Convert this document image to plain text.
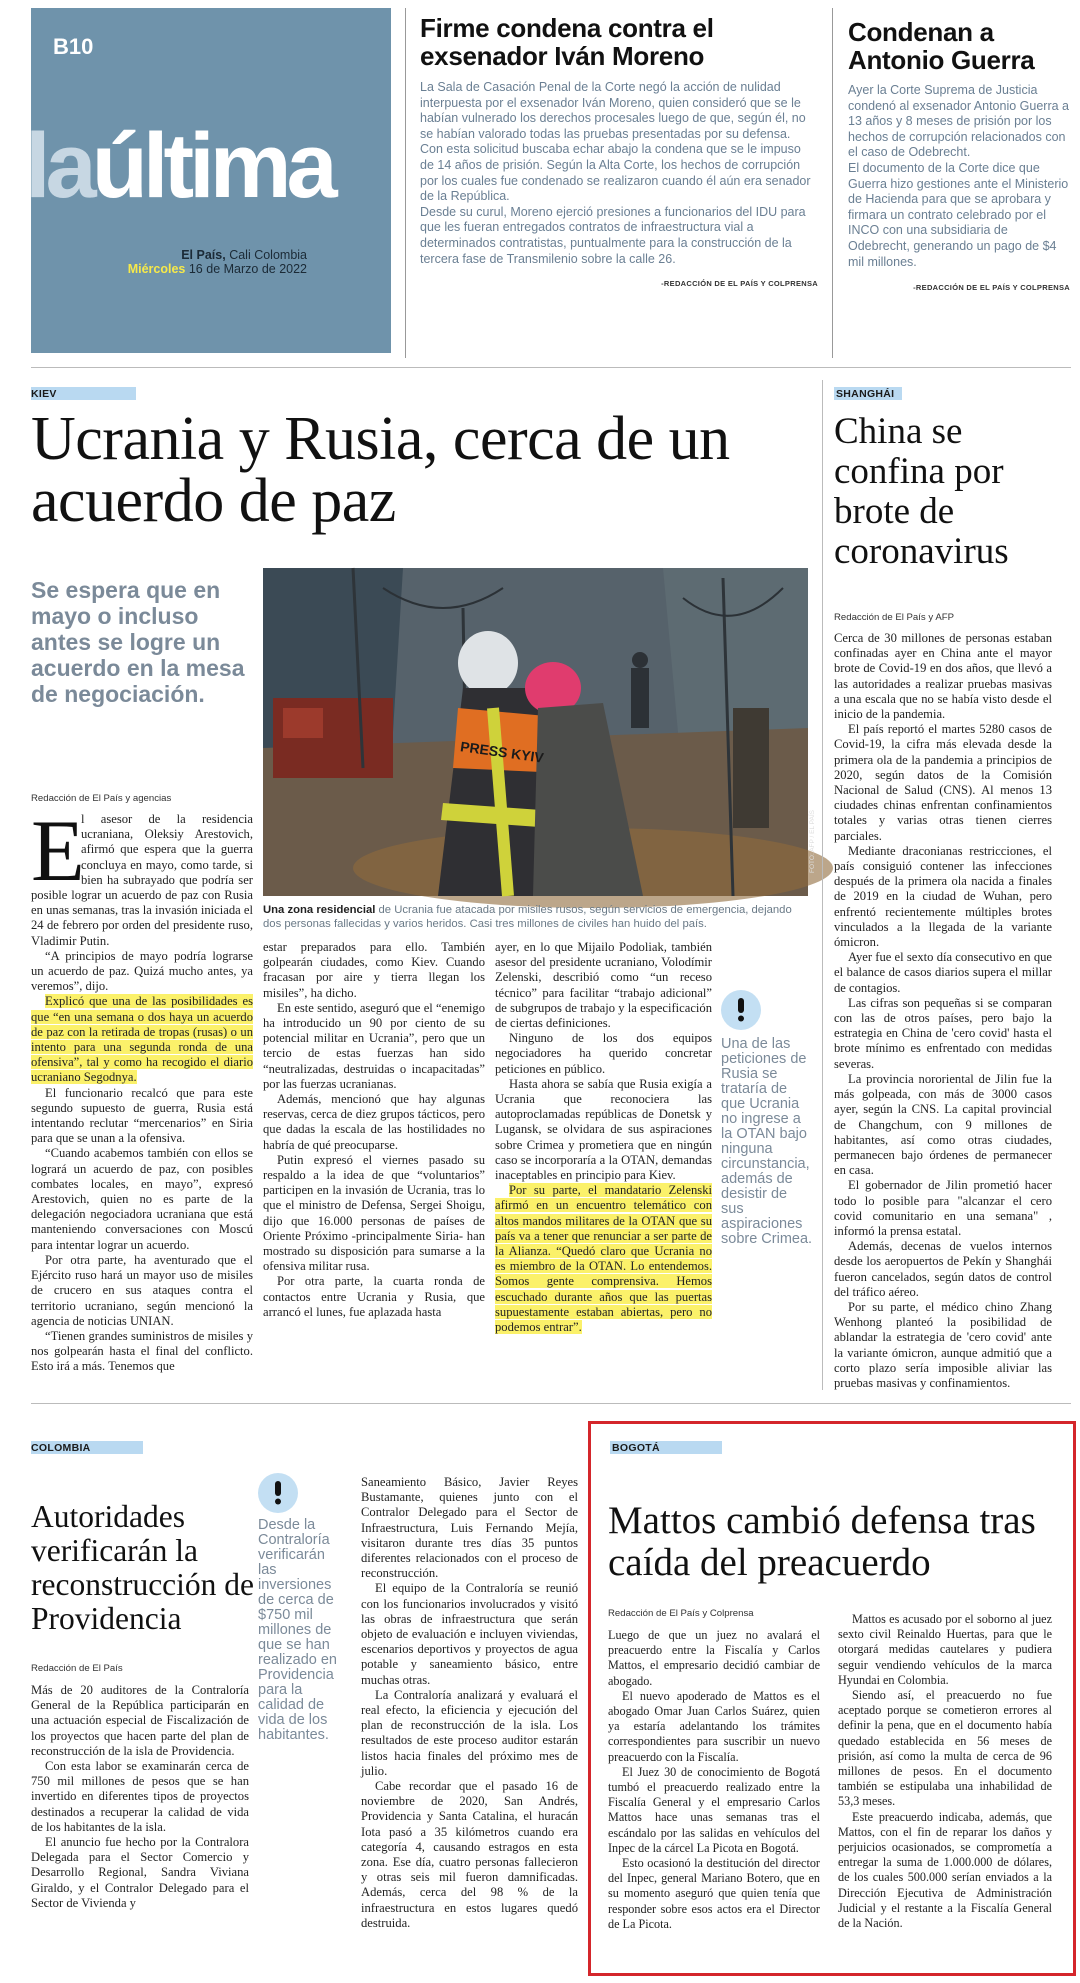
B10
laúltima
El País, Cali Colombia
Miércoles 16 de Marzo de 2022
Firme condena contra el exsenador Iván Moreno

La Sala de Casación Penal de la Corte negó la acción de nulidad interpuesta por el exsenador Iván Moreno, quien consideró que se le habían vulnerado los derechos procesales luego de que, según él, no se habían valorado todas las pruebas presentadas por su defensa.

Con esta solicitud buscaba echar abajo la condena que se le impuso de 14 años de prisión. Según la Alta Corte, los hechos de corrupción por los cuales fue condenado se realizaron cuando él aún era senador de la República.

Desde su curul, Moreno ejerció presiones a funcionarios del IDU para que les fueran entregados contratos de infraestructura vial a determinados contratistas, puntualmente para la construcción de la tercera fase de Transmilenio sobre la calle 26.

-REDACCIÓN DE EL PAÍS Y COLPRENSA
Condenan a Antonio Guerra

Ayer la Corte Suprema de Justicia condenó al exsenador Antonio Guerra a 13 años y 8 meses de prisión por los hechos de corrupción relacionados con el caso de Odebrecht.

El documento de la Corte dice que Guerra hizo gestiones ante el Ministerio de Hacienda para que se aprobara y firmara un contrato celebrado por el INCO con una subsidiaria de Odebrecht, generando un pago de $4 mil millones.

-REDACCIÓN DE EL PAÍS Y COLPRENSA
KIEV
Ucrania y Rusia, cerca de un acuerdo de paz
Se espera que en mayo o incluso antes se logre un acuerdo en la mesa de negociación.
Redacción de El País y agencias
PRESS KYIV
FOTO: AFP / EL PAÍS
Una zona residencial de Ucrania fue atacada por misiles rusos, según servicios de emergencia, dejando dos personas fallecidas y varios heridos. Casi tres millones de civiles han huido del país.
E

l asesor de la residencia ucraniana, Oleksiy Arestovich, afirmó que espera que la guerra concluya en mayo, como tarde, si bien ha subrayado que podría ser posible lograr un acuerdo de paz con Rusia en unas semanas, tras la invasión iniciada el 24 de febrero por orden del presidente ruso, Vladimir Putin.

“A principios de mayo podría lograrse un acuerdo de paz. Quizá mucho antes, ya veremos”, dijo.

Explicó que una de las posibilidades es que “en una semana o dos haya un acuerdo de paz con la retirada de tropas (rusas) o un intento para una segunda ronda de una ofensiva”, tal y como ha recogido el diario ucraniano Segodnya.

El funcionario recalcó que para este segundo supuesto de guerra, Rusia está intentando reclutar “mercenarios” en Siria para que se unan a la ofensiva.

“Cuando acabemos también con ellos se logrará un acuerdo de paz, con posibles combates locales, en mayo”, expresó Arestovich, quien no es parte de la delegación negociadora ucraniana que está manteniendo conversaciones con Moscú para intentar lograr un acuerdo.

Por otra parte, ha aventurado que el Ejército ruso hará un mayor uso de misiles de crucero en sus ataques contra el territorio ucraniano, según mencionó la agencia de noticias UNIAN.

“Tienen grandes suministros de misiles y nos golpearán hasta el final del conflicto. Esto irá a más. Tenemos que

estar preparados para ello. También golpearán ciudades, como Kiev. Cuando fracasan por aire y tierra llegan los misiles”, ha dicho.

En este sentido, aseguró que el “enemigo ha introducido un 90 por ciento de su potencial militar en Ucrania”, pero que un tercio de estas fuerzas han sido “neutralizadas, destruidas o incapacitadas” por las fuerzas ucranianas.

Además, mencionó que hay algunas reservas, cerca de diez grupos tácticos, pero que dadas la escala de las hostilidades no habría de qué preocuparse.

Putin expresó el viernes pasado su respaldo a la idea de que “voluntarios” participen en la invasión de Ucrania, tras lo que el ministro de Defensa, Sergei Shoigu, dijo que 16.000 personas de países de Oriente Próximo -principalmente Siria- han mostrado su disposición para sumarse a la ofensiva militar rusa.

Por otra parte, la cuarta ronda de contactos entre Ucrania y Rusia, que arrancó el lunes, fue aplazada hasta

ayer, en lo que Mijailo Podoliak, también asesor del presidente ucraniano, Volodímir Zelenski, describió como “un receso técnico” para facilitar “trabajo adicional” de subgrupos de trabajo y la especificación de ciertas definiciones.

Ninguno de los dos equipos negociadores ha querido concretar peticiones en público.

Hasta ahora se sabía que Rusia exigía a Ucrania que reconociera las autoproclamadas repúblicas de Donetsk y Lugansk, se olvidara de sus aspiraciones sobre Crimea y prometiera que en ningún caso se incorporaría a la OTAN, demandas inaceptables en principio para Kiev.

Por su parte, el mandatario Zelenski afirmó en un encuentro telemático con altos mandos militares de la OTAN que su país va a tener que renunciar a ser parte de la Alianza. “Quedó claro que Ucrania no es miembro de la OTAN. Lo entendemos. Somos gente comprensiva. Hemos escuchado durante años que las puertas supuestamente estaban abiertas, pero no podemos entrar”.

Una de las peticiones de Rusia se trataría de que Ucrania no ingrese a la OTAN bajo ninguna circunstancia, además de desistir de sus aspiraciones sobre Crimea.
SHANGHÁI
China se confina por brote de coronavirus
Redacción de El País y AFP

Cerca de 30 millones de personas estaban confinadas ayer en China ante el mayor brote de Covid-19 en dos años, que llevó a las autoridades a realizar pruebas masivas a una escala que no se había visto desde el inicio de la pandemia.

El país reportó el martes 5280 casos de Covid-19, la cifra más elevada desde la primera ola de la pandemia a principios de 2020, según datos de la Comisión Nacional de Salud (CNS). Al menos 13 ciudades chinas enfrentan confinamientos totales y varias otras tienen cierres parciales.

Mediante draconianas restricciones, el país consiguió contener las infecciones después de la primera ola nacida a finales de 2019 en la ciudad de Wuhan, pero enfrentó recientemente múltiples brotes vinculados a la llegada de la variante ómicron.

Ayer fue el sexto día consecutivo en que el balance de casos diarios supera el millar de contagios.

Las cifras son pequeñas si se comparan con las de otros países, pero bajo la estrategia en China de 'cero covid' hasta el brote mínimo es enfrentado con medidas severas.

La provincia nororiental de Jilin fue la más golpeada, con más de 3000 casos ayer, según la CNS. La capital provincial de Changchum, con 9 millones de habitantes, así como otras ciudades, permanecen bajo órdenes de permanecer en casa.

El gobernador de Jilin prometió hacer todo lo posible para "alcanzar el cero covid comunitario en una semana" , informó la prensa estatal.

Además, decenas de vuelos internos desde los aeropuertos de Pekín y Shanghái fueron cancelados, según datos de control del tráfico aéreo.

Por su parte, el médico chino Zhang Wenhong planteó la posibilidad de ablandar la estrategia de 'cero covid' ante la variante ómicron, aunque admitió que a corto plazo sería imposible aliviar las pruebas masivas y confinamientos.

COLOMBIA
Autoridades verificarán la reconstrucción de Providencia
Redacción de El País

Más de 20 auditores de la Contraloría General de la República participarán en una actuación especial de Fiscalización de los proyectos que hacen parte del plan de reconstrucción de la isla de Providencia.

Con esta labor se examinarán cerca de 750 mil millones de pesos que se han invertido en diferentes tipos de proyectos destinados a recuperar la calidad de vida de los habitantes de la isla.

El anuncio fue hecho por la Contralora Delegada para el Sector Comercio y Desarrollo Regional, Sandra Viviana Giraldo, y el Contralor Delegado para el Sector de Vivienda y

Desde la Contraloría verificarán las inversiones de cerca de $750 mil millones de que se han realizado en Providencia para la calidad de vida de los habitantes.

Saneamiento Básico, Javier Reyes Bustamante, quienes junto con el Contralor Delegado para el Sector de Infraestructura, Luis Fernando Mejía, visitaron durante tres días 35 puntos diferentes relacionados con el proceso de reconstrucción.

El equipo de la Contraloría se reunió con los funcionarios involucrados y visitó las obras de infraestructura que serán objeto de evaluación e incluyen viviendas, escenarios deportivos y proyectos de agua potable y saneamiento básico, entre muchas otras.

La Contraloría analizará y evaluará el real efecto, la eficiencia y ejecución del plan de reconstrucción de la isla. Los resultados de este proceso auditor estarán listos hacia finales del próximo mes de julio.

Cabe recordar que el pasado 16 de noviembre de 2020, San Andrés, Providencia y Santa Catalina, el huracán Iota pasó a 35 kilómetros cuando era categoría 4, causando estragos en esta zona. Ese día, cuatro personas fallecieron y otras seis mil fueron damnificadas. Además, cerca del 98 % de la infraestructura en estos lugares quedó destruida.

BOGOTÁ
Mattos cambió defensa tras caída del preacuerdo
Redacción de El País y Colprensa

Luego de que un juez no avalará el preacuerdo entre la Fiscalía y Carlos Mattos, el empresario decidió cambiar de abogado.

El nuevo apoderado de Mattos es el abogado Omar Juan Carlos Suárez, quien ya estaría adelantando los trámites correspondientes para suscribir un nuevo preacuerdo con la Fiscalía.

El Juez 30 de conocimiento de Bogotá tumbó el preacuerdo realizado entre la Fiscalía General y el empresario Carlos Mattos hace unas semanas tras el escándalo por las salidas en vehículos del Inpec de la cárcel La Picota en Bogotá.

Esto ocasionó la destitución del director del Inpec, general Mariano Botero, que en su momento aseguró que quien tenía que responder sobre esos actos era el Director de La Picota.

Mattos es acusado por el soborno al juez sexto civil Reinaldo Huertas, para que le otorgará medidas cautelares y pudiera seguir vendiendo vehículos de la marca Hyundai en Colombia.

Siendo así, el preacuerdo no fue aceptado porque se cometieron errores al definir la pena, que en el documento había quedado establecida en 56 meses de prisión, así como la multa de cerca de 96 millones de pesos. En el documento también se estipulaba una inhabilidad de 53,3 meses.

Este preacuerdo indicaba, además, que Mattos, con el fin de reparar los daños y perjuicios ocasionados, se comprometía a entregar la suma de 1.000.000 de dólares, de los cuales 500.000 serían enviados a la Dirección Ejecutiva de Administración Judicial y el restante a la Fiscalía General de la Nación.
